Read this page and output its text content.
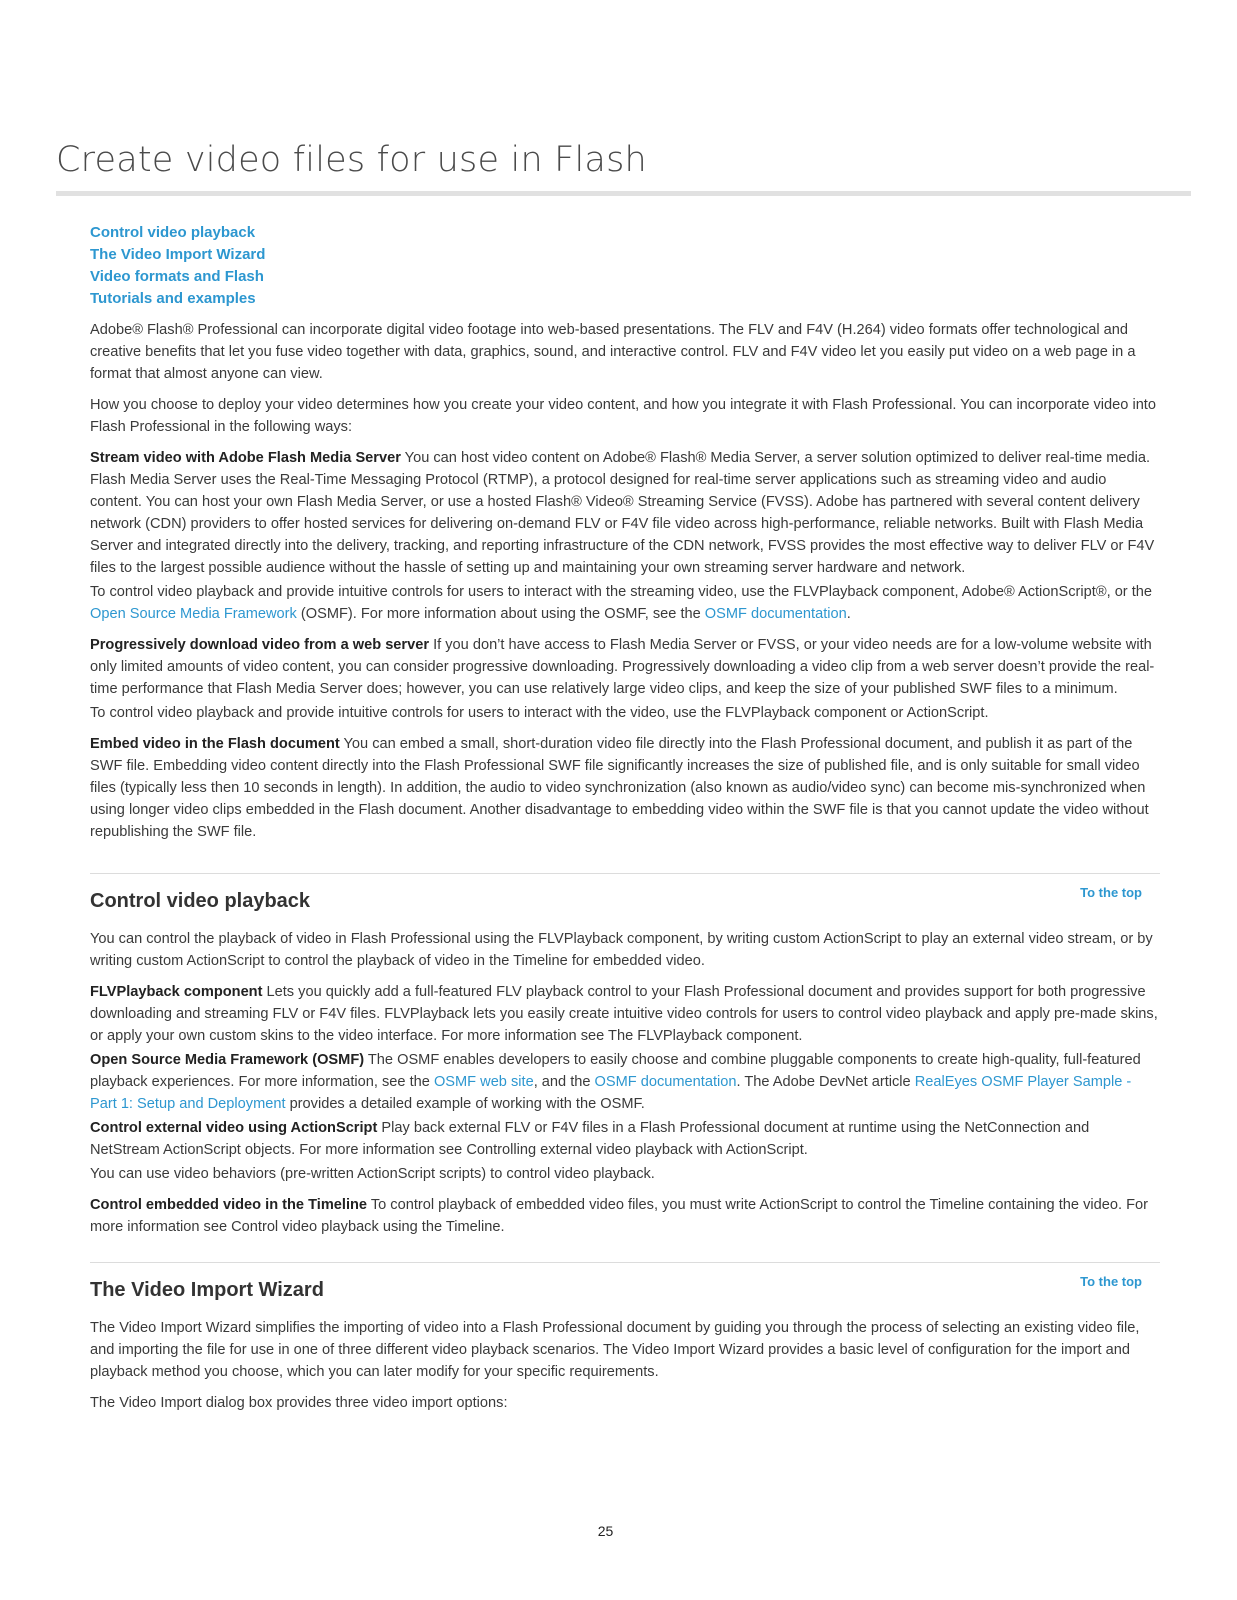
Create video files for use in Flash
Control video playback
The Video Import Wizard
Video formats and Flash
Tutorials and examples

Adobe® Flash® Professional can incorporate digital video footage into web-based presentations. The FLV and F4V (H.264) video formats offer technological and creative benefits that let you fuse video together with data, graphics, sound, and interactive control. FLV and F4V video let you easily put video on a web page in a format that almost anyone can view.

How you choose to deploy your video determines how you create your video content, and how you integrate it with Flash Professional. You can incorporate video into Flash Professional in the following ways:

Stream video with Adobe Flash Media Server You can host video content on Adobe® Flash® Media Server, a server solution optimized to deliver real-time media. Flash Media Server uses the Real-Time Messaging Protocol (RTMP), a protocol designed for real-time server applications such as streaming video and audio content. You can host your own Flash Media Server, or use a hosted Flash® Video® Streaming Service (FVSS). Adobe has partnered with several content delivery network (CDN) providers to offer hosted services for delivering on-demand FLV or F4V file video across high-performance, reliable networks. Built with Flash Media Server and integrated directly into the delivery, tracking, and reporting infrastructure of the CDN network, FVSS provides the most effective way to deliver FLV or F4V files to the largest possible audience without the hassle of setting up and maintaining your own streaming server hardware and network.

To control video playback and provide intuitive controls for users to interact with the streaming video, use the FLVPlayback component, Adobe® ActionScript®, or the Open Source Media Framework (OSMF). For more information about using the OSMF, see the OSMF documentation.

Progressively download video from a web server If you don’t have access to Flash Media Server or FVSS, or your video needs are for a low-volume website with only limited amounts of video content, you can consider progressive downloading. Progressively downloading a video clip from a web server doesn’t provide the real-time performance that Flash Media Server does; however, you can use relatively large video clips, and keep the size of your published SWF files to a minimum.

To control video playback and provide intuitive controls for users to interact with the video, use the FLVPlayback component or ActionScript.

Embed video in the Flash document You can embed a small, short-duration video file directly into the Flash Professional document, and publish it as part of the SWF file. Embedding video content directly into the Flash Professional SWF file significantly increases the size of published file, and is only suitable for small video files (typically less then 10 seconds in length). In addition, the audio to video synchronization (also known as audio/video sync) can become mis-synchronized when using longer video clips embedded in the Flash document. Another disadvantage to embedding video within the SWF file is that you cannot update the video without republishing the SWF file.

To the top
Control video playback

You can control the playback of video in Flash Professional using the FLVPlayback component, by writing custom ActionScript to play an external video stream, or by writing custom ActionScript to control the playback of video in the Timeline for embedded video.

FLVPlayback component Lets you quickly add a full-featured FLV playback control to your Flash Professional document and provides support for both progressive downloading and streaming FLV or F4V files. FLVPlayback lets you easily create intuitive video controls for users to control video playback and apply pre-made skins, or apply your own custom skins to the video interface. For more information see The FLVPlayback component.

Open Source Media Framework (OSMF) The OSMF enables developers to easily choose and combine pluggable components to create high-quality, full-featured playback experiences. For more information, see the OSMF web site, and the OSMF documentation. The Adobe DevNet article RealEyes OSMF Player Sample - Part 1: Setup and Deployment provides a detailed example of working with the OSMF.

Control external video using ActionScript Play back external FLV or F4V files in a Flash Professional document at runtime using the NetConnection and NetStream ActionScript objects. For more information see Controlling external video playback with ActionScript.

You can use video behaviors (pre-written ActionScript scripts) to control video playback.

Control embedded video in the Timeline To control playback of embedded video files, you must write ActionScript to control the Timeline containing the video. For more information see Control video playback using the Timeline.

To the top
The Video Import Wizard

The Video Import Wizard simplifies the importing of video into a Flash Professional document by guiding you through the process of selecting an existing video file, and importing the file for use in one of three different video playback scenarios. The Video Import Wizard provides a basic level of configuration for the import and playback method you choose, which you can later modify for your specific requirements.

The Video Import dialog box provides three video import options:

25
